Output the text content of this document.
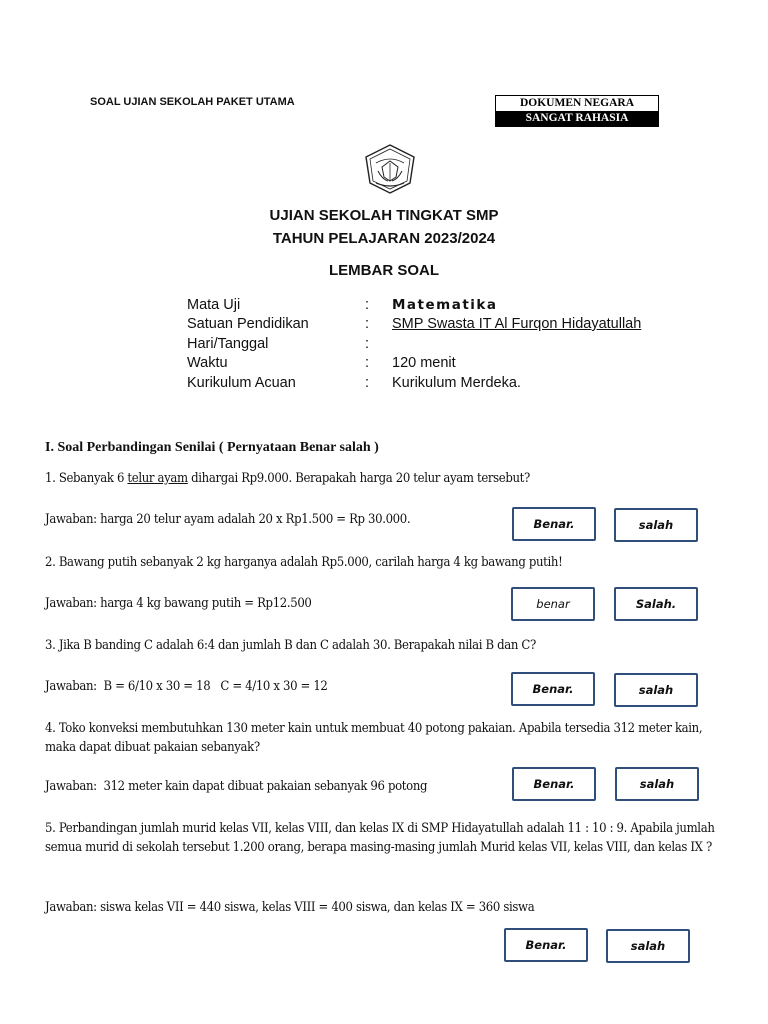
SOAL UJIAN SEKOLAH PAKET UTAMA	DOKUMEN NEGARA
SANGAT RAHASIA
UJIAN SEKOLAH TINGKAT SMP
TAHUN PELAJARAN 2023/2024
LEMBAR SOAL
Mata Uji	: Matematika
Satuan Pendidikan	: SMP Swasta IT Al Furqon Hidayatullah
Hari/Tanggal	:
Waktu	: 120 menit
Kurikulum Acuan	: Kurikulum Merdeka.
I. Soal Perbandingan Senilai ( Pernyataan Benar salah )
1. Sebanyak 6 telur ayam dihargai Rp9.000. Berapakah harga 20 telur ayam tersebut?
Jawaban: harga 20 telur ayam adalah 20 x Rp1.500 = Rp 30.000.	Benar.	salah
2. Bawang putih sebanyak 2 kg harganya adalah Rp5.000, carilah harga 4 kg bawang putih!
Jawaban: harga 4 kg bawang putih = Rp12.500	benar	Salah.
3. Jika B banding C adalah 6:4 dan jumlah B dan C adalah 30. Berapakah nilai B dan C?
Jawaban:  B = 6/10 x 30 = 18   C = 4/10 x 30 = 12	Benar.	salah
4. Toko konveksi membutuhkan 130 meter kain untuk membuat 40 potong pakaian. Apabila tersedia 312 meter kain, maka dapat dibuat pakaian sebanyak?
Jawaban:  312 meter kain dapat dibuat pakaian sebanyak 96 potong	Benar.	salah
5. Perbandingan jumlah murid kelas VII, kelas VIII, dan kelas IX di SMP Hidayatullah adalah 11 : 10 : 9. Apabila jumlah semua murid di sekolah tersebut 1.200 orang, berapa masing-masing jumlah Murid kelas VII, kelas VIII, dan kelas IX ?
Jawaban: siswa kelas VII = 440 siswa, kelas VIII = 400 siswa, dan kelas IX = 360 siswa
Benar.	salah
